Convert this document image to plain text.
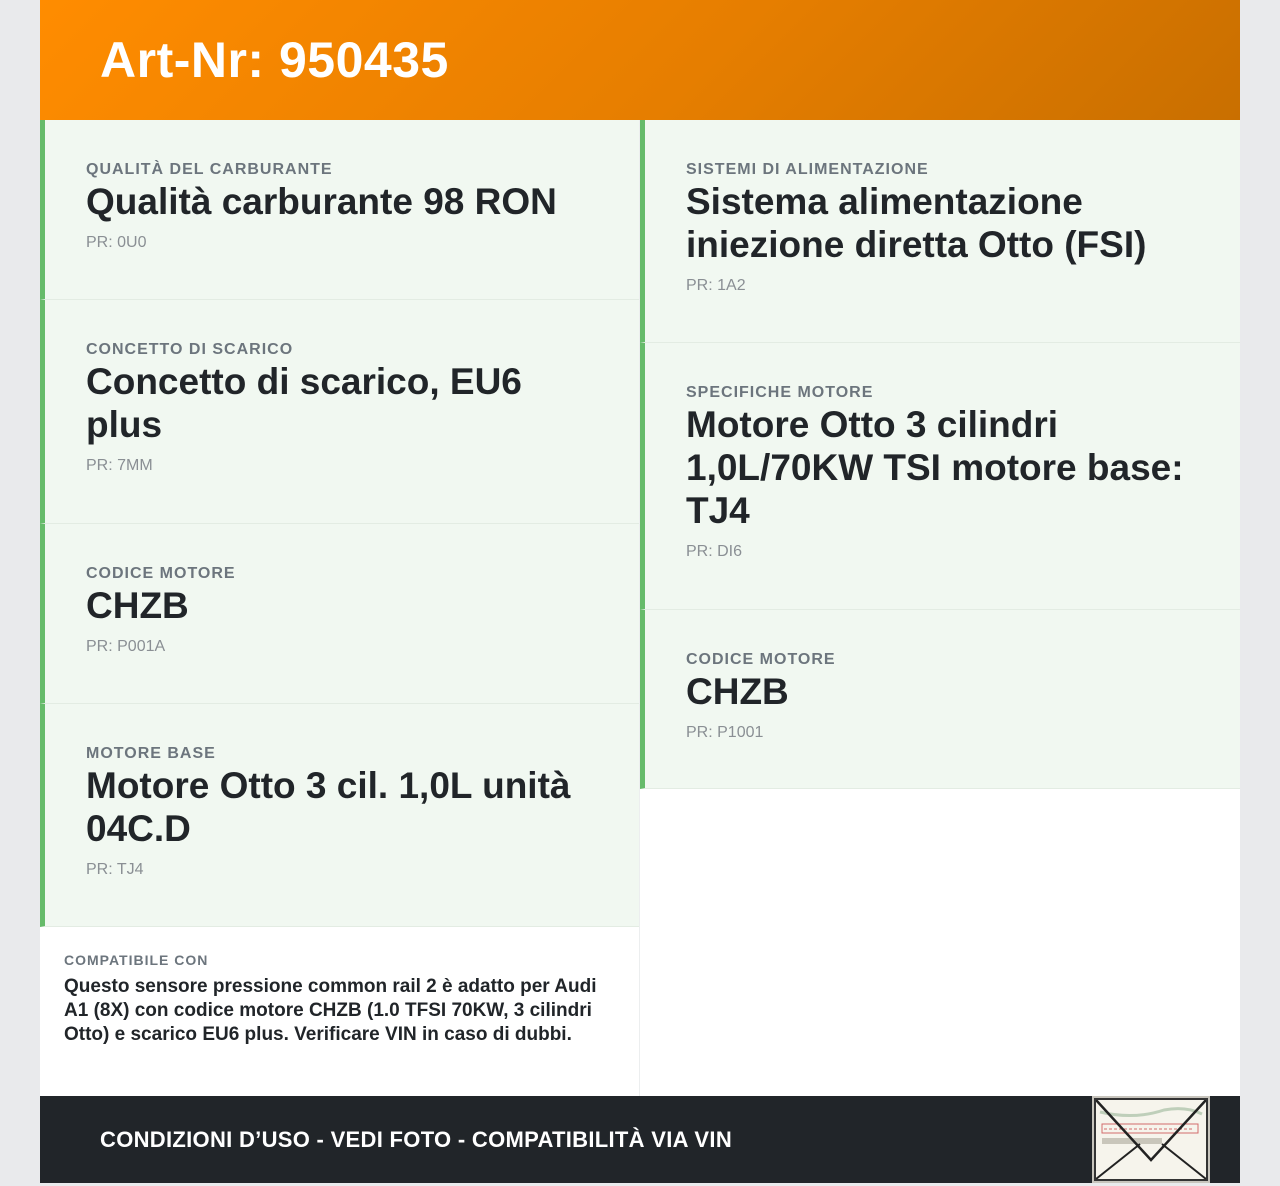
Art-Nr: 950435
QUALITÀ DEL CARBURANTE
Qualità carburante 98 RON
PR: 0U0
CONCETTO DI SCARICO
Concetto di scarico, EU6 plus
PR: 7MM
CODICE MOTORE
CHZB
PR: P001A
MOTORE BASE
Motore Otto 3 cil. 1,0L unità 04C.D
PR: TJ4
COMPATIBILE CON
Questo sensore pressione common rail 2 è adatto per Audi A1 (8X) con codice motore CHZB (1.0 TFSI 70KW, 3 cilindri Otto) e scarico EU6 plus. Verificare VIN in caso di dubbi.
SISTEMI DI ALIMENTAZIONE
Sistema alimentazione iniezione diretta Otto (FSI)
PR: 1A2
SPECIFICHE MOTORE
Motore Otto 3 cilindri 1,0L/70KW TSI motore base: TJ4
PR: DI6
CODICE MOTORE
CHZB
PR: P1001
CONDIZIONI D’USO - VEDI FOTO - COMPATIBILITÀ VIA VIN
